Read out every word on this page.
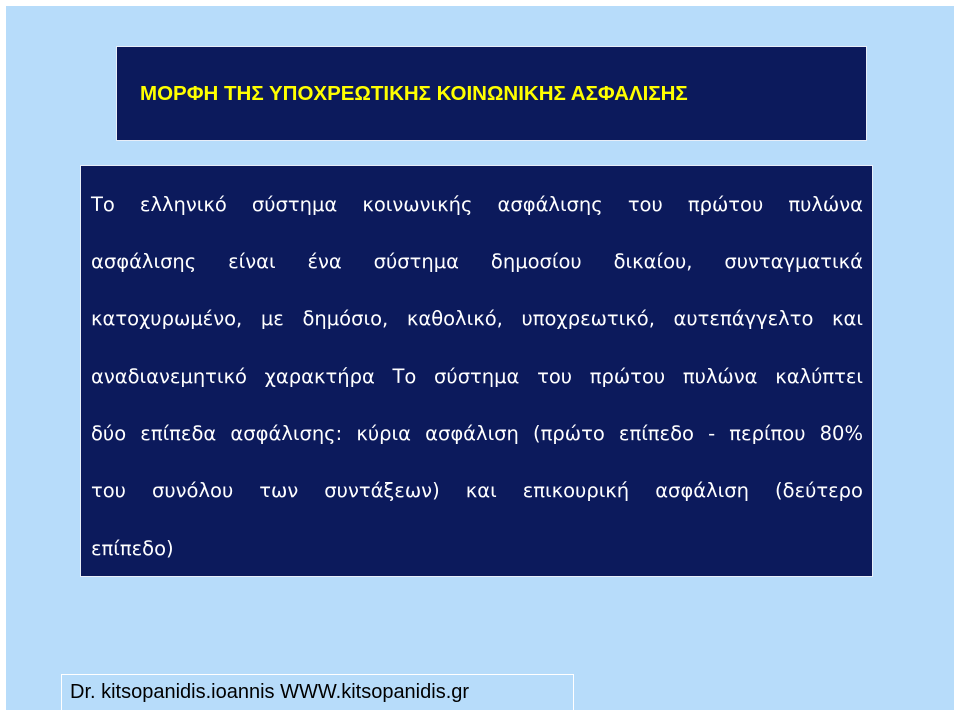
ΜΟΡΦΗ ΤΗΣ ΥΠΟΧΡΕΩΤΙΚΗΣ ΚΟΙΝΩΝΙΚΗΣ ΑΣΦΑΛΙΣΗΣ
Το ελληνικό σύστημα κοινωνικής ασφάλισης του πρώτου πυλώνα
ασφάλισης είναι ένα σύστημα δημοσίου δικαίου, συνταγματικά
κατοχυρωμένο, με δημόσιο, καθολικό, υποχρεωτικό, αυτεπάγγελτο και
αναδιανεμητικό χαρακτήρα Το σύστημα του πρώτου πυλώνα καλύπτει
δύο επίπεδα ασφάλισης: κύρια ασφάλιση (πρώτο επίπεδο - περίπου 80%
του συνόλου των συντάξεων) και επικουρική ασφάλιση (δεύτερο
επίπεδο)
Dr. kitsopanidis.ioannis WWW.kitsopanidis.gr
